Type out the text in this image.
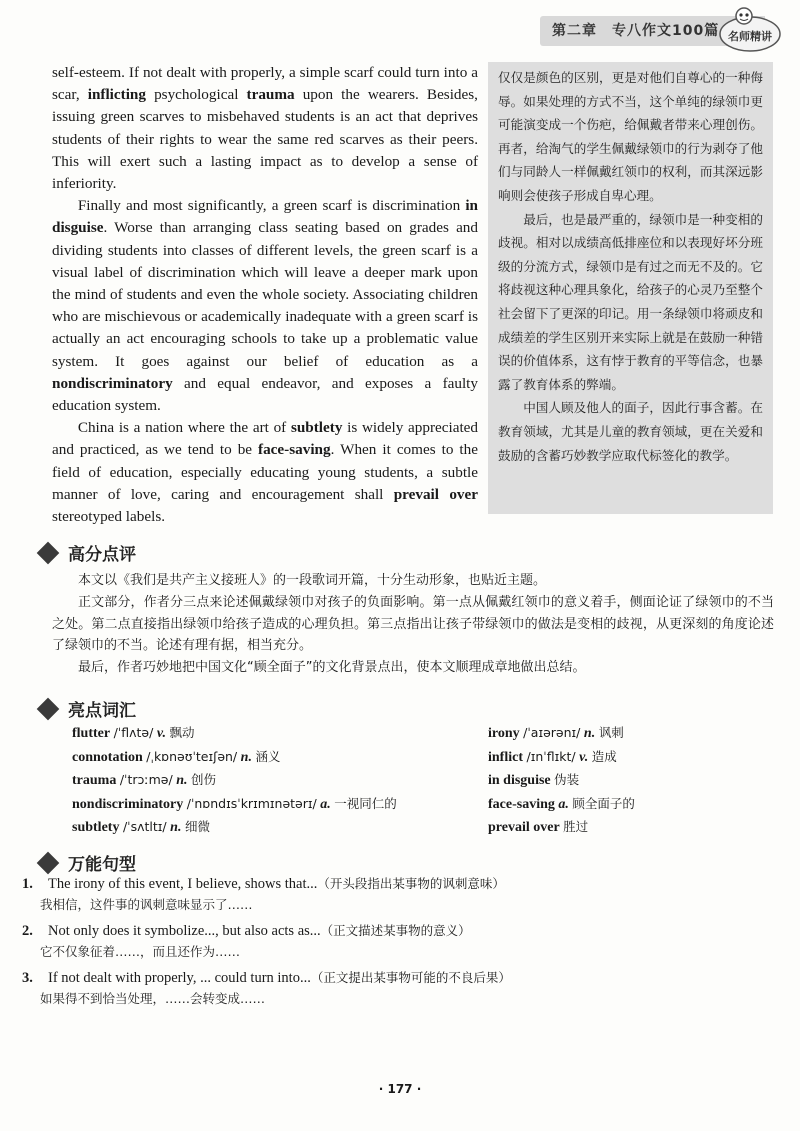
第二章　专八作文100篇 名师精讲

self-esteem. If not dealt with properly, a simple scarf could turn into a scar, inflicting psychological trauma upon the wearers. Besides, issuing green scarves to misbehaved students is an act that deprives students of their rights to wear the same red scarves as their peers. This will exert such a lasting impact as to develop a sense of inferiority.

Finally and most significantly, a green scarf is discrimination in disguise. Worse than arranging class seating based on grades and dividing students into classes of different levels, the green scarf is a visual label of discrimination which will leave a deeper mark upon the mind of students and even the whole society. Associating children who are mischievous or academically inadequate with a green scarf is actually an act encouraging schools to take up a problematic value system. It goes against our belief of education as a nondiscriminatory and equal endeavor, and exposes a faulty education system.

China is a nation where the art of subtlety is widely appreciated and practiced, as we tend to be face-saving. When it comes to the field of education, especially educating young students, a subtle manner of love, caring and encouragement shall prevail over stereotyped labels.

仅仅是颜色的区别，更是对他们自尊心的一种侮辱。如果处理的方式不当，这个单纯的绿领巾更可能演变成一个伤疤，给佩戴者带来心理创伤。再者，给淘气的学生佩戴绿领巾的行为剥夺了他们与同龄人一样佩戴红领巾的权利，而其深远影响则会使孩子形成自卑心理。

最后，也是最严重的，绿领巾是一种变相的歧视。相对以成绩高低排座位和以表现好坏分班级的分流方式，绿领巾是有过之而无不及的。它将歧视这种心理具象化，给孩子的心灵乃至整个社会留下了更深的印记。用一条绿领巾将顽皮和成绩差的学生区别开来实际上就是在鼓励一种错误的价值体系，这有悖于教育的平等信念，也暴露了教育体系的弊端。

中国人顾及他人的面子，因此行事含蓄。在教育领域，尤其是儿童的教育领域，更在关爱和鼓励的含蓄巧妙教学应取代标签化的教学。

高分点评

本文以《我们是共产主义接班人》的一段歌词开篇，十分生动形象，也贴近主题。

正文部分，作者分三点来论述佩戴绿领巾对孩子的负面影响。第一点从佩戴红领巾的意义着手，侧面论证了绿领巾的不当之处。第二点直接指出绿领巾给孩子造成的心理负担。第三点指出让孩子带绿领巾的做法是变相的歧视，从更深刻的角度论述了绿领巾的不当。论述有理有据，相当充分。

最后，作者巧妙地把中国文化“顾全面子”的文化背景点出，使本文顺理成章地做出总结。

亮点词汇
flutter /ˈflʌtə/ v. 飘动
connotation /ˌkɒnəʊˈteɪʃən/ n. 涵义
trauma /ˈtrɔːmə/ n. 创伤
nondiscriminatory /ˈnɒndɪsˈkrɪmɪnətərɪ/ a. 一视同仁的
subtlety /ˈsʌtltɪ/ n. 细微
irony /ˈaɪərənɪ/ n. 讽刺
inflict /ɪnˈflɪkt/ v. 造成
in disguise 伪装
face-saving a. 顾全面子的
prevail over 胜过
万能句型
1. The irony of this event, I believe, shows that...（开头段指出某事物的讽刺意味）
我相信，这件事的讽刺意味显示了……
2. Not only does it symbolize..., but also acts as...（正文描述某事物的意义）
它不仅象征着……，而且还作为……
3. If not dealt with properly, ... could turn into...（正文提出某事物可能的不良后果）
如果得不到恰当处理，……会转变成……
· 177 ·
